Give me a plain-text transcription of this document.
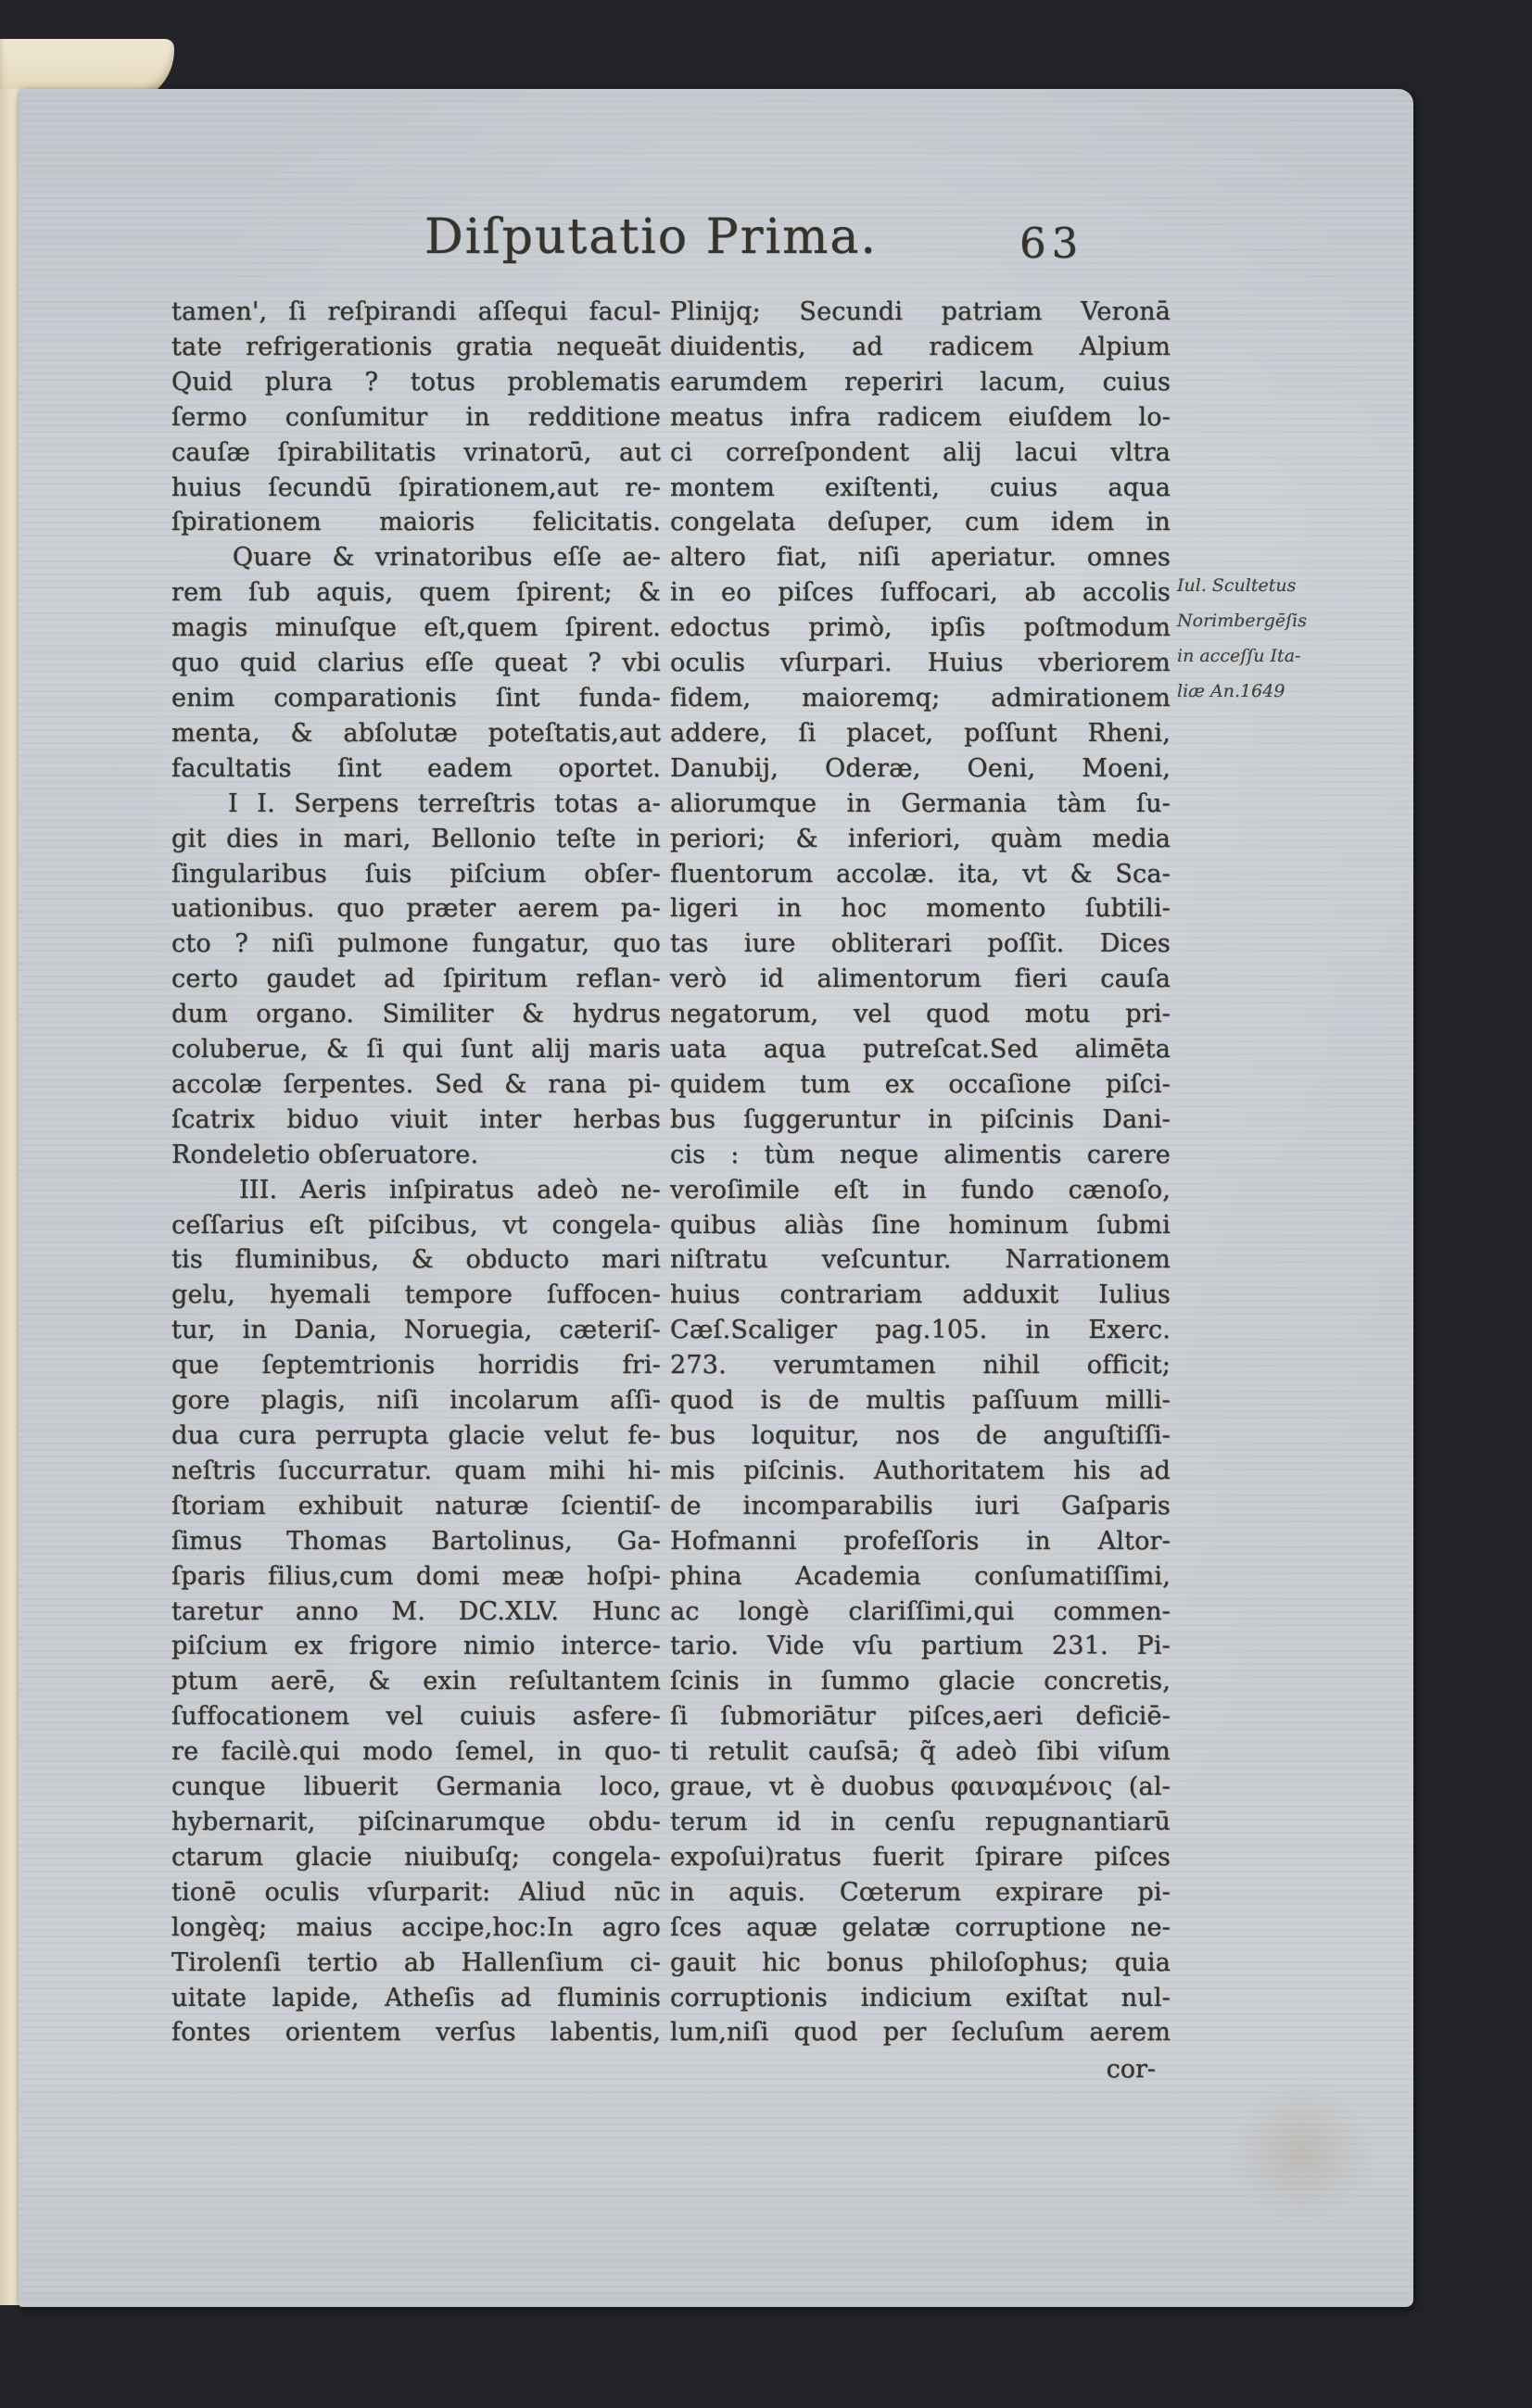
Diſputatio Prima.	63
tamen', ſi reſpirandi aſſequi facul-
tate refrigerationis gratia nequeāt
Quid plura ? totus problematis
ſermo conſumitur in redditione
cauſæ ſpirabilitatis vrinatorū, aut
huius ſecundū ſpirationem,aut re-
ſpirationem maioris felicitatis.
Quare & vrinatoribus eſſe ae-
rem ſub aquis, quem ſpirent; &
magis minuſque eſt,quem ſpirent.
quo quid clarius eſſe queat ? vbi
enim comparationis ſint funda-
menta, & abſolutæ poteſtatis,aut
facultatis ſint eadem oportet.
I I. Serpens terreſtris totas a-
git dies in mari, Bellonio teſte in
ſingularibus ſuis piſcium obſer-
uationibus. quo præter aerem pa-
cto ? niſi pulmone fungatur, quo
certo gaudet ad ſpiritum reflan-
dum organo. Similiter & hydrus
coluberue, & ſi qui ſunt alij maris
accolæ ſerpentes. Sed & rana pi-
ſcatrix biduo viuit inter herbas
Rondeletio obſeruatore.
III. Aeris inſpiratus adeò ne-
ceſſarius eſt piſcibus, vt congela-
tis fluminibus, & obducto mari
gelu, hyemali tempore ſuffocen-
tur, in Dania, Noruegia, cæteriſ-
que ſeptemtrionis horridis fri-
gore plagis, niſi incolarum aſſi-
dua cura perrupta glacie velut fe-
neſtris ſuccurratur. quam mihi hi-
ſtoriam exhibuit naturæ ſcientiſ-
ſimus Thomas Bartolinus, Ga-
ſparis filius,cum domi meæ hoſpi-
taretur anno M. DC.XLV. Hunc
piſcium ex frigore nimio interce-
ptum aerē, & exin reſultantem
ſuffocationem vel cuiuis asfere-
re facilè.qui modo ſemel, in quo-
cunque libuerit Germania loco,
hybernarit, piſcinarumque obdu-
ctarum glacie niuibuſq; congela-
tionē oculis vſurparit: Aliud nūc
longèq; maius accipe,hoc:In agro
Tirolenſi tertio ab Hallenſium ci-
uitate lapide, Atheſis ad fluminis
fontes orientem verſus labentis,
Plinijq; Secundi patriam Veronā
diuidentis, ad radicem Alpium
earumdem reperiri lacum, cuius
meatus infra radicem eiuſdem lo-
ci correſpondent alij lacui vltra
montem exiſtenti, cuius aqua
congelata deſuper, cum idem in
altero fiat, niſi aperiatur. omnes
in eo piſces ſuffocari, ab accolis
edoctus primò, ipſis poſtmodum
oculis vſurpari. Huius vberiorem
fidem, maioremq; admirationem
addere, ſi placet, poſſunt Rheni,
Danubij, Oderæ, Oeni, Moeni,
aliorumque in Germania tàm ſu-
periori; & inferiori, quàm media
fluentorum accolæ. ita, vt & Sca-
ligeri in hoc momento ſubtili-
tas iure obliterari poſſit. Dices
verò id alimentorum fieri cauſa
negatorum, vel quod motu pri-
uata aqua putreſcat.Sed alimēta
quidem tum ex occaſione piſci-
bus ſuggeruntur in piſcinis Dani-
cis : tùm neque alimentis carere
veroſimile eſt in fundo cænoſo,
quibus aliàs ſine hominum ſubmi
niſtratu veſcuntur. Narrationem
huius contrariam adduxit Iulius
Cæſ.Scaliger pag.105. in Exerc.
273. verumtamen nihil officit;
quod is de multis paſſuum milli-
bus loquitur, nos de anguſtiſſi-
mis piſcinis. Authoritatem his ad
de incomparabilis iuri Gaſparis
Hofmanni profeſſoris in Altor-
phina Academia conſumatiſſimi,
ac longè clariſſimi,qui commen-
tario. Vide vſu partium 231. Pi-
ſcinis in ſummo glacie concretis,
ſi ſubmoriātur piſces,aeri deficiē-
ti retulit cauſsā; q̃ adeò ſibi viſum
graue, vt è duobus φαιναμένοις (al-
terum id in cenſu repugnantiarū
expoſui)ratus fuerit ſpirare piſces
in aquis. Cœterum expirare pi-
ſces aquæ gelatæ corruptione ne-
gauit hic bonus philoſophus; quia
corruptionis indicium exiſtat nul-
lum,niſi quod per ſecluſum aerem
Iul. Scultetus
Norimbergēſis
in acceſſu Ita-
liæ An.1649
cor-
